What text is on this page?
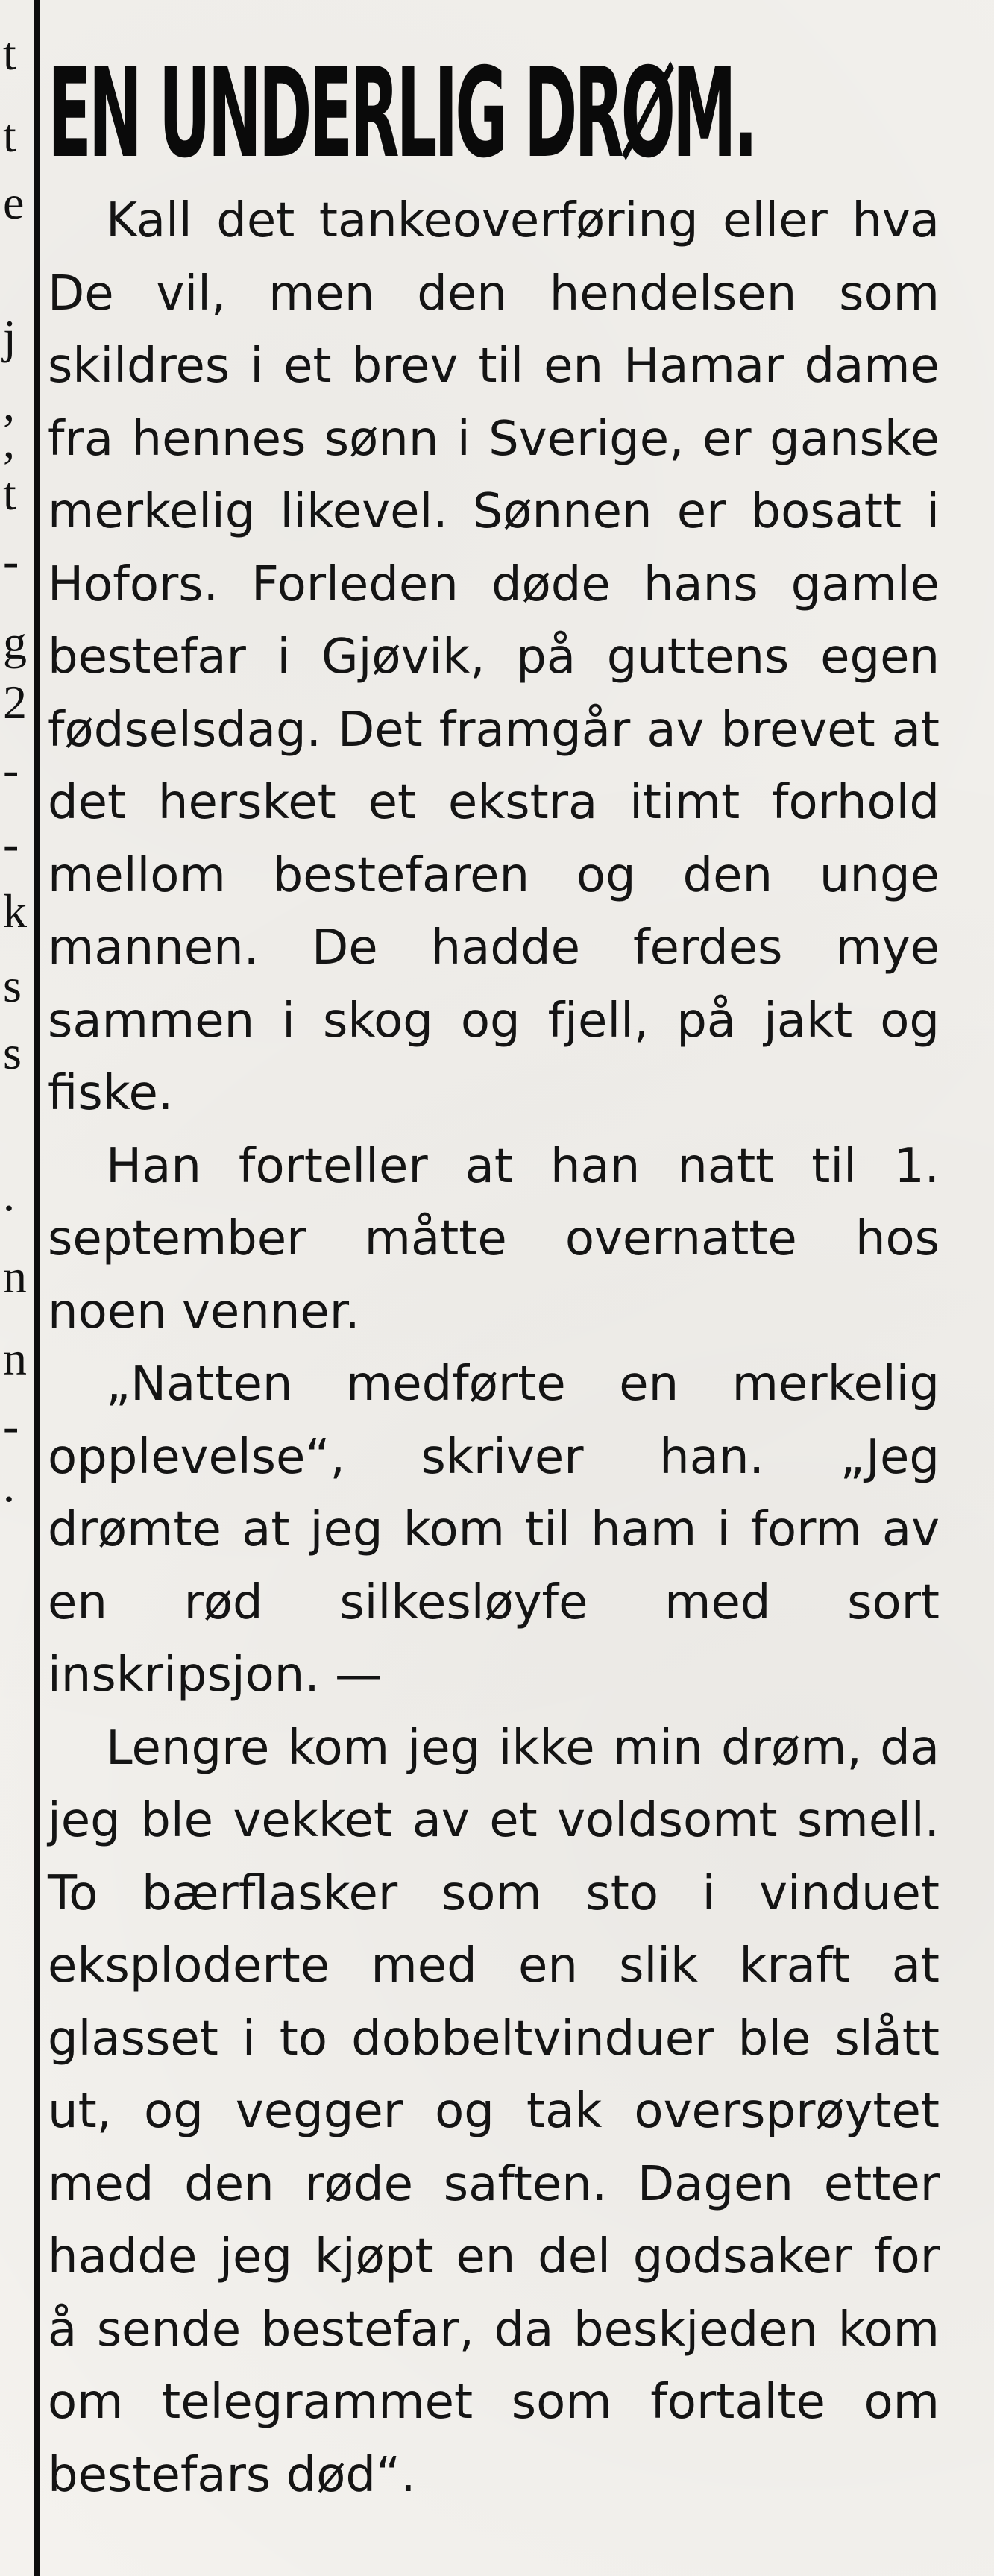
t
t
e
j
,
,
t
-
g
2
-
-
k
s
s
.
n
n
-
.
EN UNDERLIG DRØM.

Kall det tankeoverføring eller hva De vil, men den hendelsen som skildres i et brev til en Hamar dame fra hennes sønn i Sverige, er ganske merkelig likevel. Sønnen er bosatt i Hofors. Forleden døde hans gamle bestefar i Gjøvik, på guttens egen fødselsdag. Det framgår av brevet at det hersket et ekstra itimt forhold mellom bestefaren og den unge mannen. De hadde ferdes mye sammen i skog og fjell, på jakt og fiske.

Han forteller at han natt til 1. september måtte overnatte hos noen venner.

„Natten medførte en merkelig opplevelse“, skriver han. „Jeg drømte at jeg kom til ham i form av en rød silkesløyfe med sort inskripsjon. —

Lengre kom jeg ikke min drøm, da jeg ble vekket av et voldsomt smell. To bærflasker som sto i vinduet eksploderte med en slik kraft at glasset i to dobbeltvinduer ble slått ut, og vegger og tak oversprøytet med den røde saften. Dagen etter hadde jeg kjøpt en del godsaker for å sende bestefar, da beskjeden kom om telegrammet som fortalte om bestefars død“.
